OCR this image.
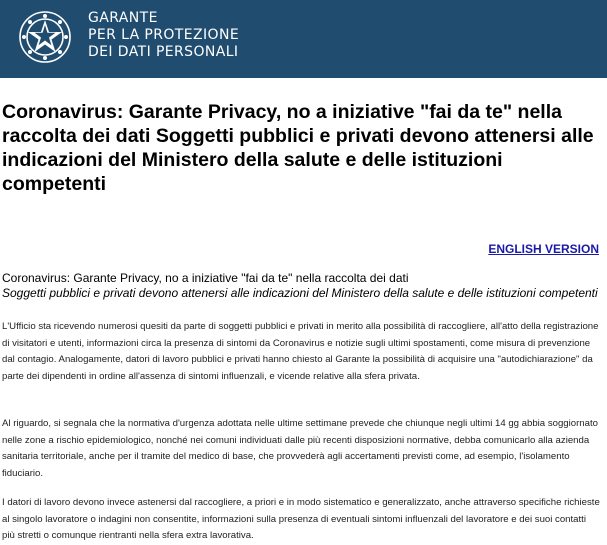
GARANTE
PER LA PROTEZIONE
DEI DATI PERSONALI
Coronavirus: Garante Privacy, no a iniziative "fai da te" nella raccolta dei dati Soggetti pubblici e privati devono attenersi alle indicazioni del Ministero della salute e delle istituzioni competenti
ENGLISH VERSION
Coronavirus: Garante Privacy, no a iniziative "fai da te" nella raccolta dei dati
Soggetti pubblici e privati devono attenersi alle indicazioni del Ministero della salute e delle istituzioni competenti

L'Ufficio sta ricevendo numerosi quesiti da parte di soggetti pubblici e privati in merito alla possibilità di raccogliere, all'atto della registrazione di visitatori e utenti, informazioni circa la presenza di sintomi da Coronavirus e notizie sugli ultimi spostamenti, come misura di prevenzione dal contagio. Analogamente, datori di lavoro pubblici e privati hanno chiesto al Garante la possibilità di acquisire una "autodichiarazione" da parte dei dipendenti in ordine all'assenza di sintomi influenzali, e vicende relative alla sfera privata.

Al riguardo, si segnala che la normativa d'urgenza adottata nelle ultime settimane prevede che chiunque negli ultimi 14 gg abbia soggiornato nelle zone a rischio epidemiologico, nonché nei comuni individuati dalle più recenti disposizioni normative, debba comunicarlo alla azienda sanitaria territoriale, anche per il tramite del medico di base, che provvederà agli accertamenti previsti come, ad esempio, l'isolamento fiduciario.

I datori di lavoro devono invece astenersi dal raccogliere, a priori e in modo sistematico e generalizzato, anche attraverso specifiche richieste al singolo lavoratore o indagini non consentite, informazioni sulla presenza di eventuali sintomi influenzali del lavoratore e dei suoi contatti più stretti o comunque rientranti nella sfera extra lavorativa.
